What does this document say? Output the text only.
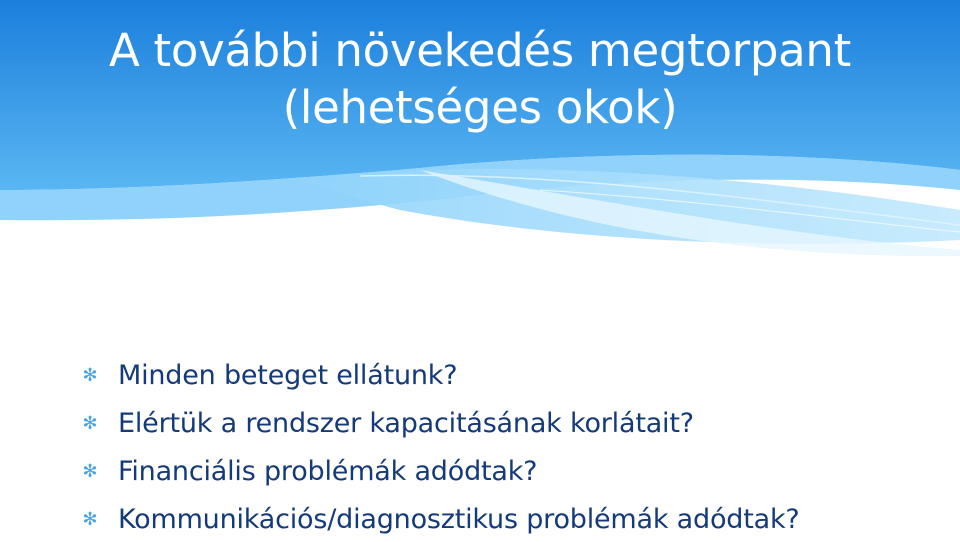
A további növekedés megtorpant
(lehetséges okok)
✻ Minden beteget ellátunk?
✻ Elértük a rendszer kapacitásának korlátait?
✻ Financiális problémák adódtak?
✻ Kommunikációs/diagnosztikus problémák adódtak?
